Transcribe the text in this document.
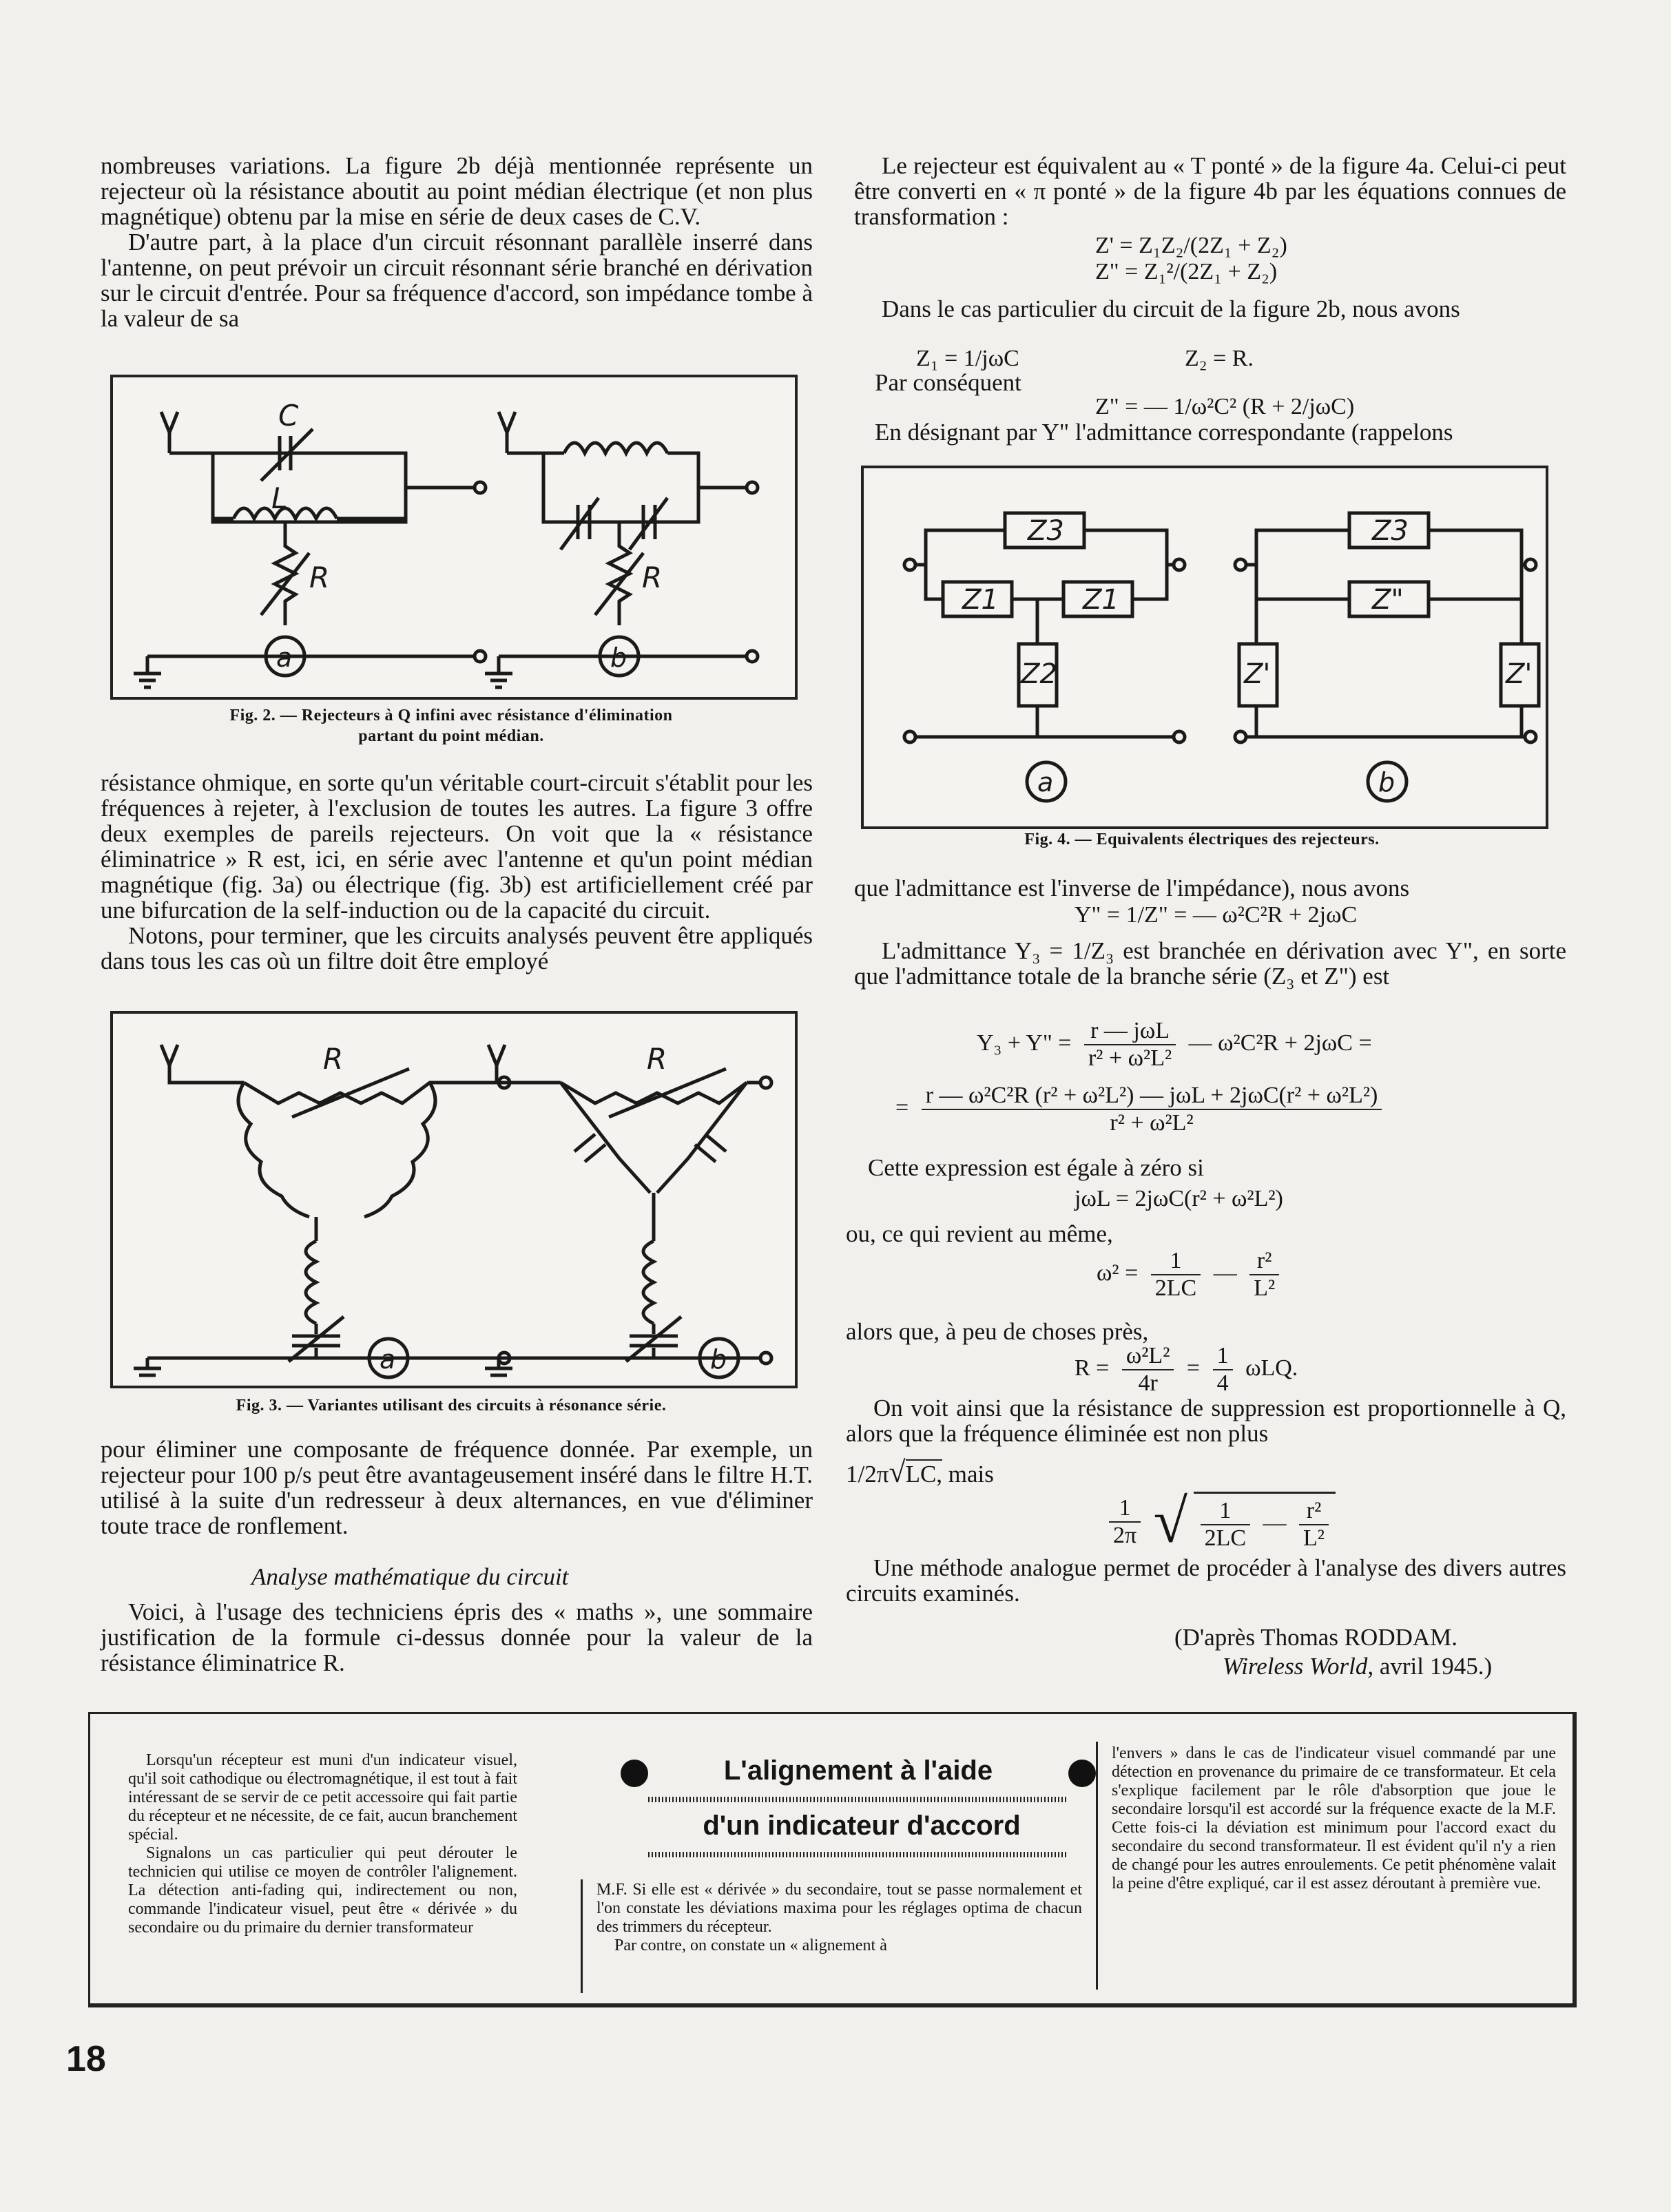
nombreuses variations. La figure 2b déjà mentionnée représente un rejecteur où la résistance aboutit au point médian électrique (et non plus magnétique) obtenu par la mise en série de deux cases de C.V.

D'autre part, à la place d'un circuit résonnant parallèle inserré dans l'antenne, on peut prévoir un circuit résonnant série branché en dérivation sur le circuit d'entrée. Pour sa fréquence d'accord, son impédance tombe à la valeur de sa

C
L
R	R
a	b
Fig. 2. — Rejecteurs à Q infini avec résistance d'élimination
partant du point médian.

résistance ohmique, en sorte qu'un véritable court-circuit s'établit pour les fréquences à rejeter, à l'exclusion de toutes les autres. La figure 3 offre deux exemples de pareils rejecteurs. On voit que la « résistance éliminatrice » R est, ici, en série avec l'antenne et qu'un point médian magnétique (fig. 3a) ou électrique (fig. 3b) est artificiellement créé par une bifurcation de la self-induction ou de la capacité du circuit.

Notons, pour terminer, que les circuits analysés peuvent être appliqués dans tous les cas où un filtre doit être employé

R	R
a	b
Fig. 3. — Variantes utilisant des circuits à résonance série.

pour éliminer une composante de fréquence donnée. Par exemple, un rejecteur pour 100 p/s peut être avantageusement inséré dans le filtre H.T. utilisé à la suite d'un redresseur à deux alternances, en vue d'éliminer toute trace de ronflement.

Analyse mathématique du circuit

Voici, à l'usage des techniciens épris des « maths », une sommaire justification de la formule ci-dessus donnée pour la valeur de la résistance éliminatrice R.

Le rejecteur est équivalent au « T ponté » de la figure 4a. Celui-ci peut être converti en « π ponté » de la figure 4b par les équations connues de transformation :

Z' = Z₁Z₂/(2Z₁ + Z₂)
Z" = Z₁²/(2Z₁ + Z₂)

Dans le cas particulier du circuit de la figure 2b, nous avons

Z₁ = 1/jωC	Z₂ = R.
Par conséquent
Z" = — 1/ω²C² (R + 2/jωC)
En désignant par Y" l'admittance correspondante (rappelons
Z3
Z1	Z1
Z2
Z3
Z"
Z'	Z'
a	b
Fig. 4. — Equivalents électriques des rejecteurs.
que l'admittance est l'inverse de l'impédance), nous avons
Y" = 1/Z" = — ω²C²R + 2jωC

L'admittance Y₃ = 1/Z₃ est branchée en dérivation avec Y", en sorte que l'admittance totale de la branche série (Z₃ et Z") est

Y₃ + Y" = $\frac{\text{r — jωL}}{\text{r² + ω²L²}}$ — ω²C²R + 2jωC =
= $\frac{\text{r — ω²C²R (r² + ω²L²) — jωL + 2jωC(r² + ω²L²)}}{\text{r² + ω²L²}}$
Cette expression est égale à zéro si
jωL = 2jωC(r² + ω²L²)
ou, ce qui revient au même,
$\omega^2 = \frac{1}{2LC}$ — $\frac{\text{r²}}{\text{L²}}$
alors que, à peu de choses près,
$R = \frac{\text{ω²L²}}{4r} = \frac{1}{4} \omega LQ$.

On voit ainsi que la résistance de suppression est proportionnelle à Q, alors que la fréquence éliminée est non plus

1/2π√LC, mais
$\frac{1}{2\pi}$ √ $\frac{1}{2LC}$ — $\frac{\text{r²}}{\text{L²}}$

Une méthode analogue permet de procéder à l'analyse des divers autres circuits examinés.

(D'après Thomas RODDAM.
Wireless World, avril 1945.)

Lorsqu'un récepteur est muni d'un indicateur visuel, qu'il soit cathodique ou électromagnétique, il est tout à fait intéressant de se servir de ce petit accessoire qui fait partie du récepteur et ne nécessite, de ce fait, aucun branchement spécial.

Signalons un cas particulier qui peut dérouter le technicien qui utilise ce moyen de contrôler l'alignement. La détection anti-fading qui, indirectement ou non, commande l'indicateur visuel, peut être « dérivée » du secondaire ou du primaire du dernier transformateur

L'alignement à l'aide
d'un indicateur d'accord

M.F. Si elle est « dérivée » du secondaire, tout se passe normalement et l'on constate les déviations maxima pour les réglages optima de chacun des trimmers du récepteur.

Par contre, on constate un « alignement à

l'envers » dans le cas de l'indicateur visuel commandé par une détection en provenance du primaire de ce transformateur. Et cela s'explique facilement par le rôle d'absorption que joue le secondaire lorsqu'il est accordé sur la fréquence exacte de la M.F. Cette fois-ci la déviation est minimum pour l'accord exact du secondaire du second transformateur. Il est évident qu'il n'y a rien de changé pour les autres enroulements. Ce petit phénomène valait la peine d'être expliqué, car il est assez déroutant à première vue.

18
